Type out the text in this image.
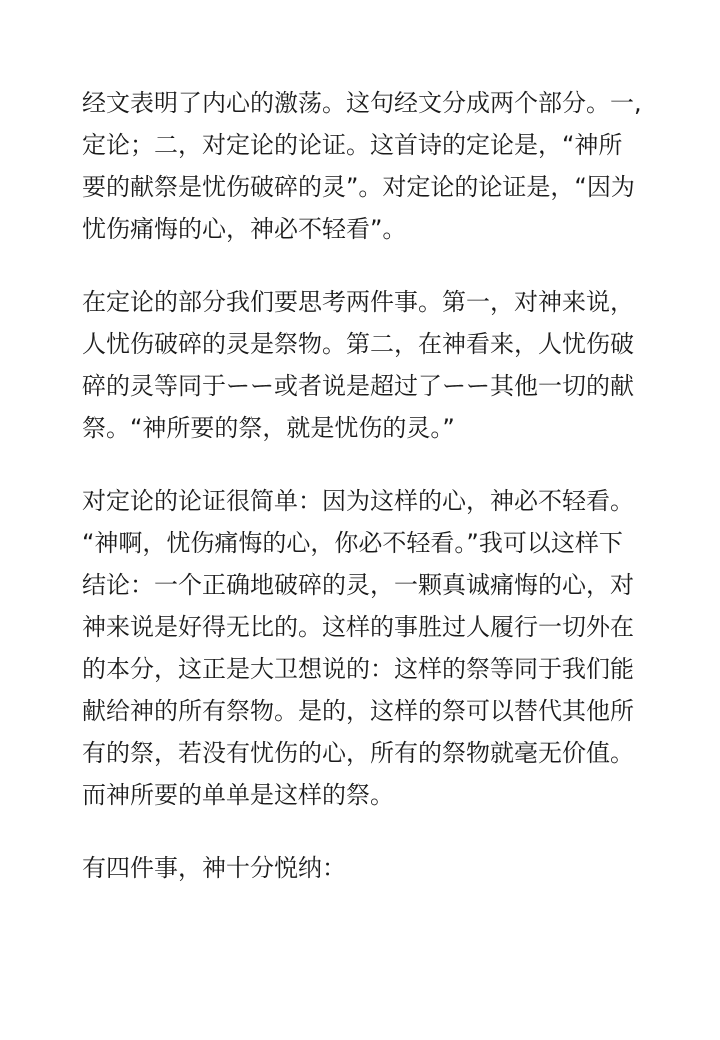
经文表明了内心的激荡。这句经文分成两个部分。一,
定论；二，对定论的论证。这首诗的定论是，“神所
要的献祭是忧伤破碎的灵”。对定论的论证是，“因为
忧伤痛悔的心，神必不轻看”。
在定论的部分我们要思考两件事。第一，对神来说，
人忧伤破碎的灵是祭物。第二，在神看来，人忧伤破
碎的灵等同于ーー或者说是超过了ーー其他一切的献
祭。“神所要的祭，就是忧伤的灵。”
对定论的论证很简单：因为这样的心，神必不轻看。
“神啊，忧伤痛悔的心，你必不轻看。”我可以这样下
结论：一个正确地破碎的灵，一颗真诚痛悔的心，对
神来说是好得无比的。这样的事胜过人履行一切外在
的本分，这正是大卫想说的：这样的祭等同于我们能
献给神的所有祭物。是的，这样的祭可以替代其他所
有的祭，若没有忧伤的心，所有的祭物就毫无价值。
而神所要的单单是这样的祭。
有四件事，神十分悦纳：
